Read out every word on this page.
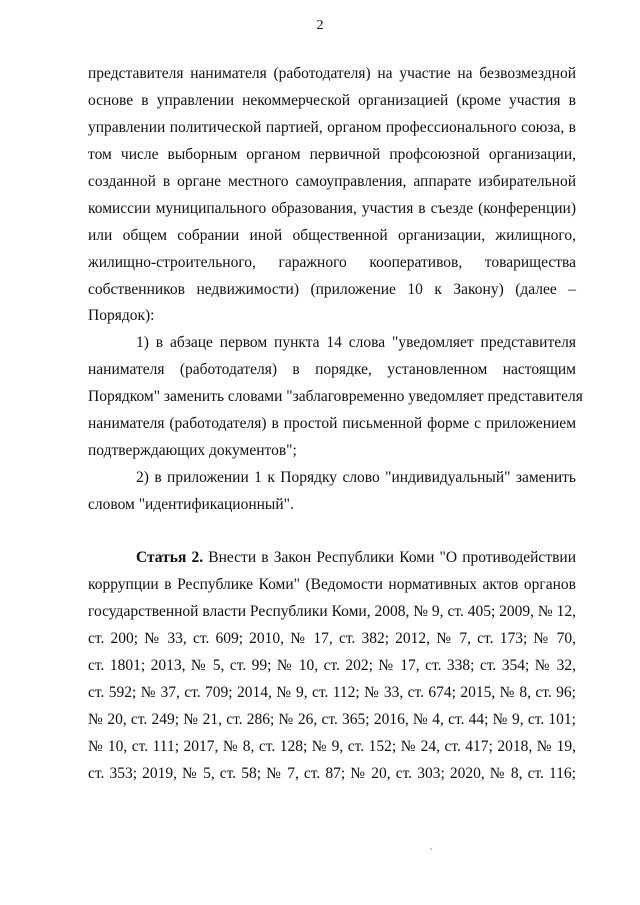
2
представителя нанимателя (работодателя) на участие на безвозмездной
основе в управлении некоммерческой организацией (кроме участия в
управлении политической партией, органом профессионального союза, в
том числе выборным органом первичной профсоюзной организации,
созданной в органе местного самоуправления, аппарате избирательной
комиссии муниципального образования, участия в съезде (конференции)
или общем собрании иной общественной организации, жилищного,
жилищно-строительного, гаражного кооперативов, товарищества
собственников недвижимости) (приложение 10 к Закону) (далее –
Порядок):
1) в абзаце первом пункта 14 слова "уведомляет представителя
нанимателя (работодателя) в порядке, установленном настоящим
Порядком" заменить словами "заблаговременно уведомляет представителя
нанимателя (работодателя) в простой письменной форме с приложением
подтверждающих документов";
2) в приложении 1 к Порядку слово "индивидуальный" заменить
словом "идентификационный".
Статья 2. Внести в Закон Республики Коми "О противодействии
коррупции в Республике Коми" (Ведомости нормативных актов органов
государственной власти Республики Коми, 2008, № 9, ст. 405; 2009, № 12,
ст. 200; № 33, ст. 609; 2010, № 17, ст. 382; 2012, № 7, ст. 173; № 70,
ст. 1801; 2013, № 5, ст. 99; № 10, ст. 202; № 17, ст. 338; ст. 354; № 32,
ст. 592; № 37, ст. 709; 2014, № 9, ст. 112; № 33, ст. 674; 2015, № 8, ст. 96;
№ 20, ст. 249; № 21, ст. 286; № 26, ст. 365; 2016, № 4, ст. 44; № 9, ст. 101;
№ 10, ст. 111; 2017, № 8, ст. 128; № 9, ст. 152; № 24, ст. 417; 2018, № 19,
ст. 353; 2019, № 5, ст. 58; № 7, ст. 87; № 20, ст. 303; 2020, № 8, ст. 116;
